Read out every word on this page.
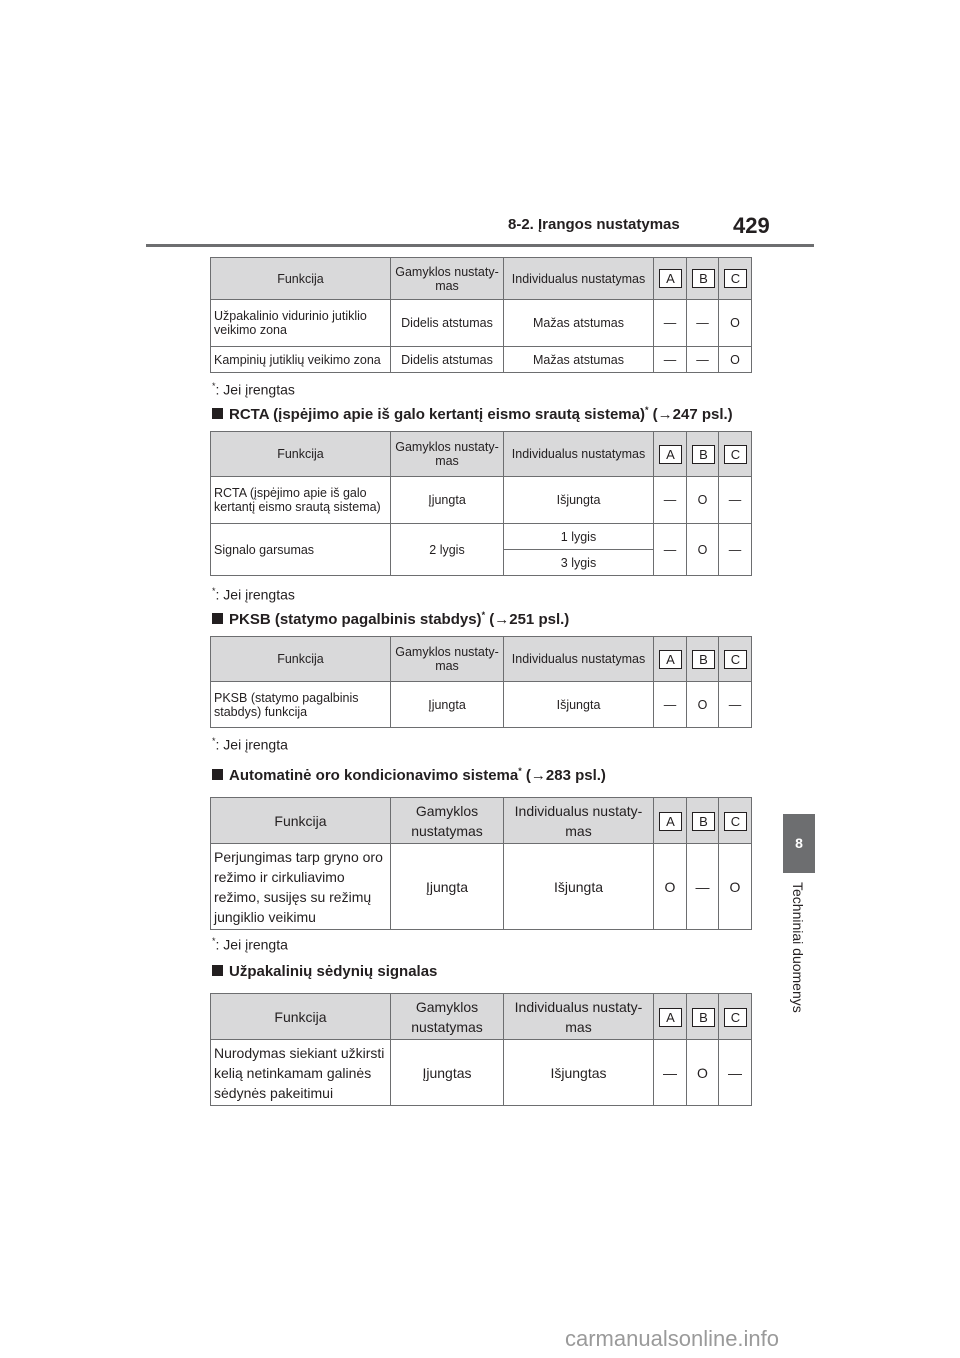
8-2. Įrangos nustatymas 429
8
Techniniai duomenys
Funkcija	Gamyklos nustaty-mas	Individualus nustatymas	A	B	C
Užpakalinio vidurinio jutiklio veikimo zona	Didelis atstumas	Mažas atstumas	—	—	O
Kampinių jutiklių veikimo zona	Didelis atstumas	Mažas atstumas	—	—	O
*: Jei įrengtas
RCTA (įspėjimo apie iš galo kertantį eismo srautą sistema)* (→247 psl.)
Funkcija	Gamyklos nustaty-mas	Individualus nustatymas	A	B	C
RCTA (įspėjimo apie iš galo kertantį eismo srautą sistema)	Įjungta	Išjungta	—	O	—
Signalo garsumas	2 lygis	1 lygis	—	O	—
		3 lygis			
*: Jei įrengtas
PKSB (statymo pagalbinis stabdys)* (→251 psl.)
Funkcija	Gamyklos nustaty-mas	Individualus nustatymas	A	B	C
PKSB (statymo pagalbinis stabdys) funkcija	Įjungta	Išjungta	—	O	—
*: Jei įrengta
Automatinė oro kondicionavimo sistema* (→283 psl.)
Funkcija	Gamyklos nustatymas	Individualus nustaty-mas	A	B	C
Perjungimas tarp gryno oro režimo ir cirkuliavimo režimo, susijęs su režimų jungiklio veikimu	Įjungta	Išjungta	O	—	O
*: Jei įrengta
Užpakalinių sėdynių signalas
Funkcija	Gamyklos nustatymas	Individualus nustaty-mas	A	B	C
Nurodymas siekiant užkirsti kelią netinkamam galinės sėdynės pakeitimui	Įjungtas	Išjungtas	—	O	—
carmanualsonline.info
